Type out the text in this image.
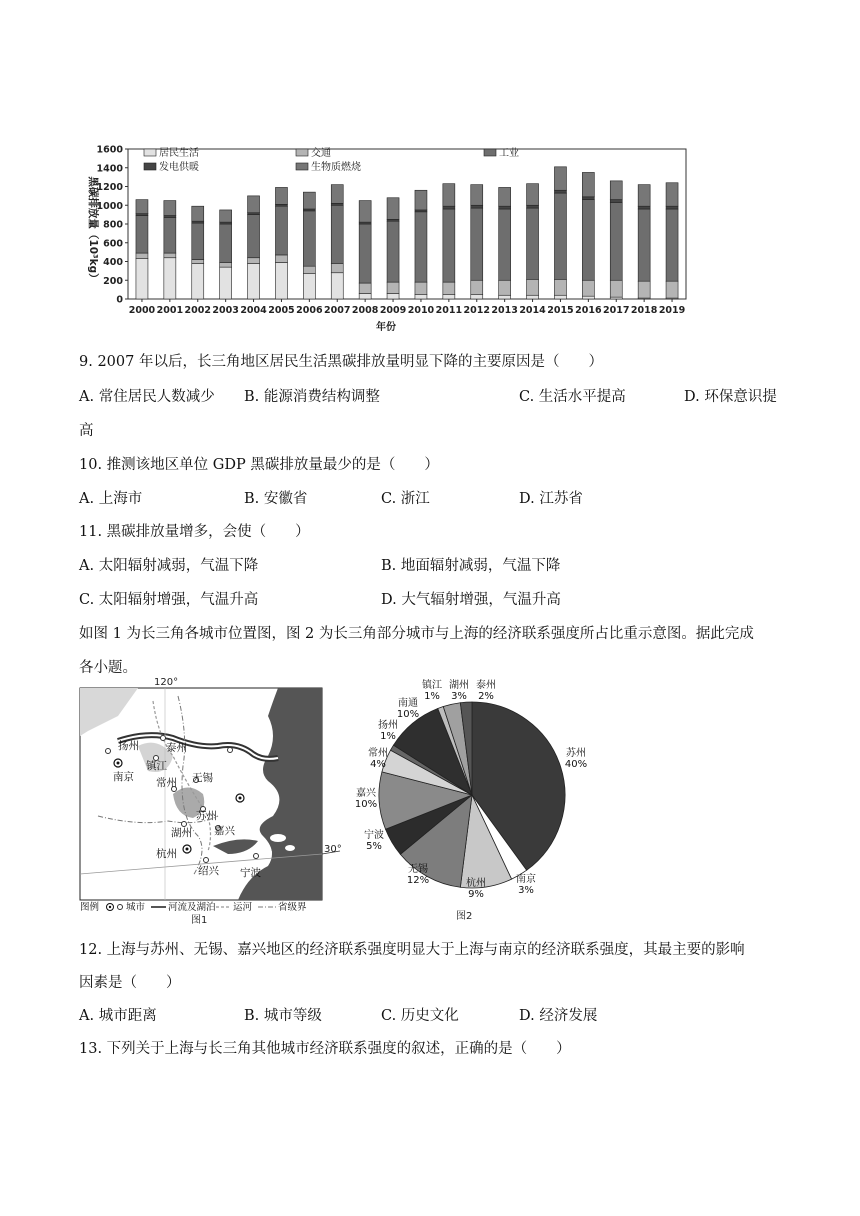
0
200
400
600
800
1000
1200
1400
1600
2000 2001 2002 2003 2004 2005 2006 2007 2008 2009 2010 2011 2012 2013 2014 2015 2016 2017 2018 2019
居民生活	交通	工业
发电供暖	生物质燃烧
黑碳排放量（10³kg）
年份
9. 2007 年以后，长三角地区居民生活黑碳排放量明显下降的主要原因是（　　）
A. 常住居民人数减少 B. 能源消费结构调整	C. 生活水平提高	D. 环保意识提
高
10. 推测该地区单位 GDP 黑碳排放量最少的是（　　）
A. 上海市	B. 安徽省	C. 浙江	D. 江苏省
11. 黑碳排放量增多，会使（　　）
A. 太阳辐射减弱，气温下降	B. 地面辐射减弱，气温下降
C. 太阳辐射增强，气温升高	D. 大气辐射增强，气温升高
如图 1 为长三角各城市位置图，图 2 为长三角部分城市与上海的经济联系强度所占比重示意图。据此完成
各小题。
120°
30°
扬州	泰州
南京
镇江	南通
常州 无锡
上海
苏州
湖州 嘉兴
杭州
绍兴 宁波
图例	城市 河流及湖泊 运河	省级界
图1
苏州
40%
南京
3%
杭州
9%
无锡
12%
宁波
5%
嘉兴
10%
常州
4%
扬州
1%
南通
10%
镇江
1%
湖州
3%
泰州
2%
图2
12. 上海与苏州、无锡、嘉兴地区的经济联系强度明显大于上海与南京的经济联系强度，其最主要的影响
因素是（　　）
A. 城市距离	B. 城市等级	C. 历史文化	D. 经济发展
13. 下列关于上海与长三角其他城市经济联系强度的叙述，正确的是（　　）
